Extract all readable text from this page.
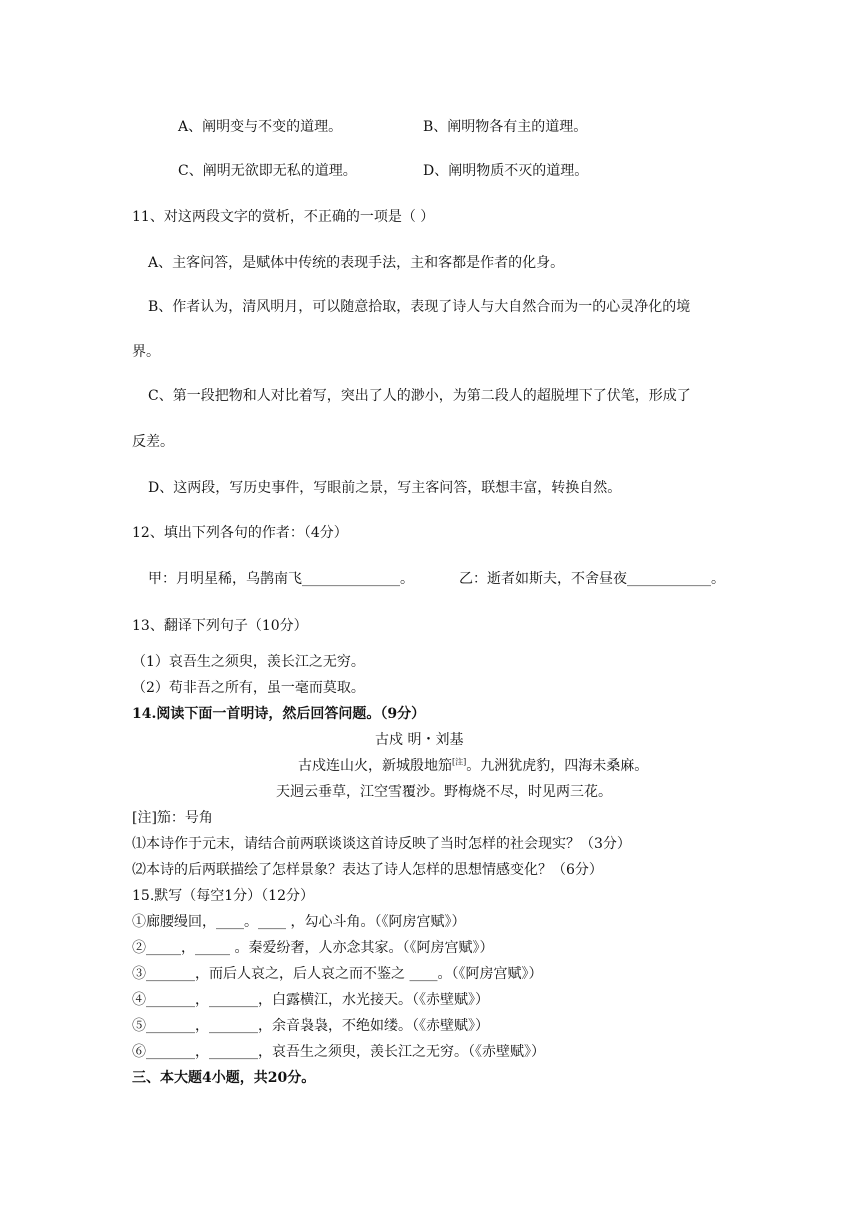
A、阐明变与不变的道理。	B、阐明物各有主的道理。
C、阐明无欲即无私的道理。	D、阐明物质不灭的道理。
11、对这两段文字的赏析，不正确的一项是（ ）
A、主客问答，是赋体中传统的表现手法，主和客都是作者的化身。
B、作者认为，清风明月，可以随意拾取，表现了诗人与大自然合而为一的心灵净化的境
界。
C、第一段把物和人对比着写，突出了人的渺小，为第二段人的超脱埋下了伏笔，形成了
反差。
D、这两段，写历史事件，写眼前之景，写主客问答，联想丰富，转换自然。
12、填出下列各句的作者：（4分）
甲：月明星稀，乌鹊南飞______________。	乙：逝者如斯夫，不舍昼夜____________。
13、翻译下列句子（10分）
（1）哀吾生之须臾，羡长江之无穷。
（2）苟非吾之所有，虽一毫而莫取。
14.阅读下面一首明诗，然后回答问题。（9分）
古戍 明・刘基
古戍连山火，新城殷地笳[注]。九洲犹虎豹，四海未桑麻。
天迥云垂草，江空雪覆沙。野梅烧不尽，时见两三花。
[注]笳：号角
⑴本诗作于元末，请结合前两联谈谈这首诗反映了当时怎样的社会现实？（3分）
⑵本诗的后两联描绘了怎样景象？表达了诗人怎样的思想情感变化？（6分）
15.默写（每空1分）（12分）
①廊腰缦回，____。____ ，勾心斗角。（《阿房宫赋》）
②_____，_____ 。秦爱纷奢，人亦念其家。（《阿房宫赋》）
③_______，而后人哀之，后人哀之而不鉴之 ____。（《阿房宫赋》）
④_______，_______，白露横江，水光接天。（《赤壁赋》）
⑤_______，_______，余音袅袅，不绝如缕。（《赤壁赋》）
⑥_______，_______，哀吾生之须臾，羡长江之无穷。（《赤壁赋》）
三、本大题4小题，共20分。
